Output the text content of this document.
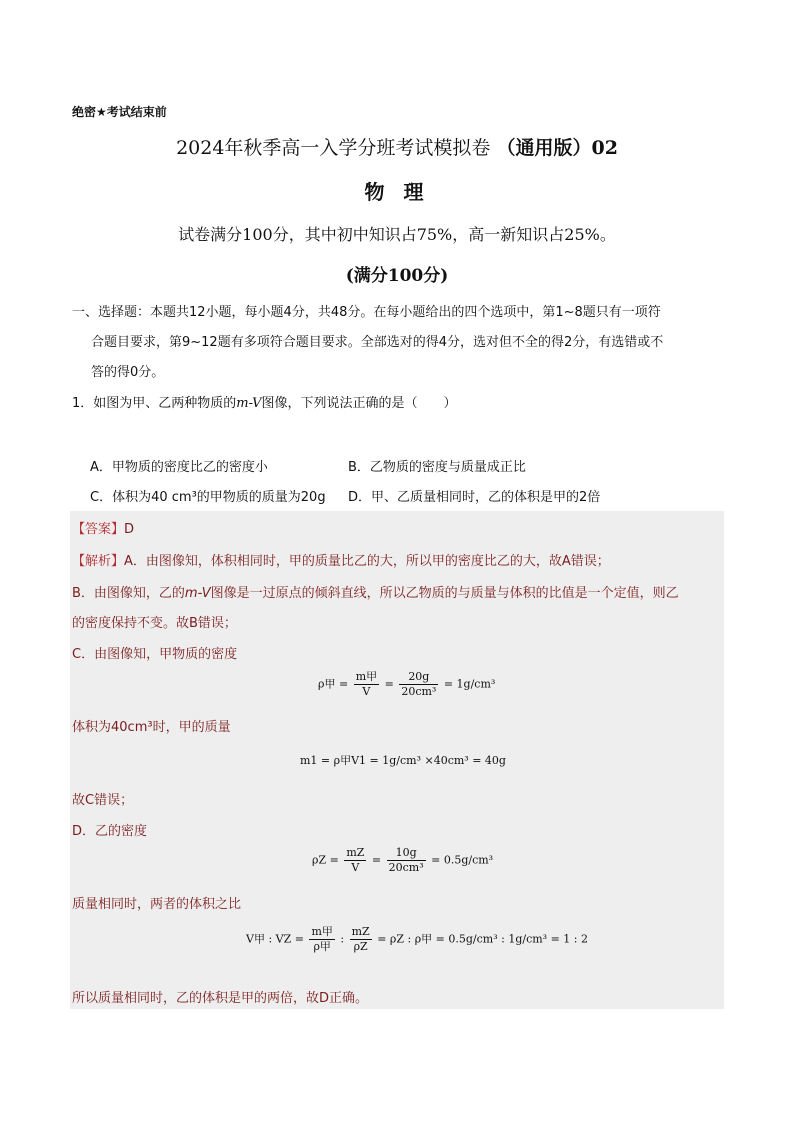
绝密★考试结束前
2024年秋季高一入学分班考试模拟卷 （通用版）02
物 理
试卷满分100分，其中初中知识占75%，高一新知识占25%。
(满分100分)
一、选择题：本题共12小题，每小题4分，共48分。在每小题给出的四个选项中，第1~8题只有一项符
合题目要求，第9~12题有多项符合题目要求。全部选对的得4分，选对但不全的得2分，有选错或不
答的得0分。
1．如图为甲、乙两种物质的m-V图像，下列说法正确的是（　　）
A．甲物质的密度比乙的密度小	B．乙物质的密度与质量成正比
C．体积为40 cm³的甲物质的质量为20g D．甲、乙质量相同时，乙的体积是甲的2倍
【答案】D
【解析】A．由图像知，体积相同时，甲的质量比乙的大，所以甲的密度比乙的大，故A错误；
B．由图像知，乙的m-V图像是一过原点的倾斜直线，所以乙物质的与质量与体积的比值是一个定值，则乙
的密度保持不变。故B错误；
C．由图像知，甲物质的密度
ρ甲 = $\frac{\text{m甲}}{V} = \frac{20g}{\text{20cm³}} = 1g/cm^3$
体积为40cm³时，甲的质量
m1 = ρ甲V1 = 1g/cm³ ×40cm³ = 40g
故C错误；
D．乙的密度
$\rho Z = \frac{mZ}{V} = \frac{10g}{\text{20cm³}} = 0.5g/cm^3$
质量相同时，两者的体积之比
V甲 : VZ = $\frac{\text{m甲}}{\text{ρ甲}}$ : $\frac{mZ}{\rho Z} = \rho Z$ : ρ甲 = 0.5g/cm³ : 1g/cm³ = 1 : 2
所以质量相同时，乙的体积是甲的两倍，故D正确。
